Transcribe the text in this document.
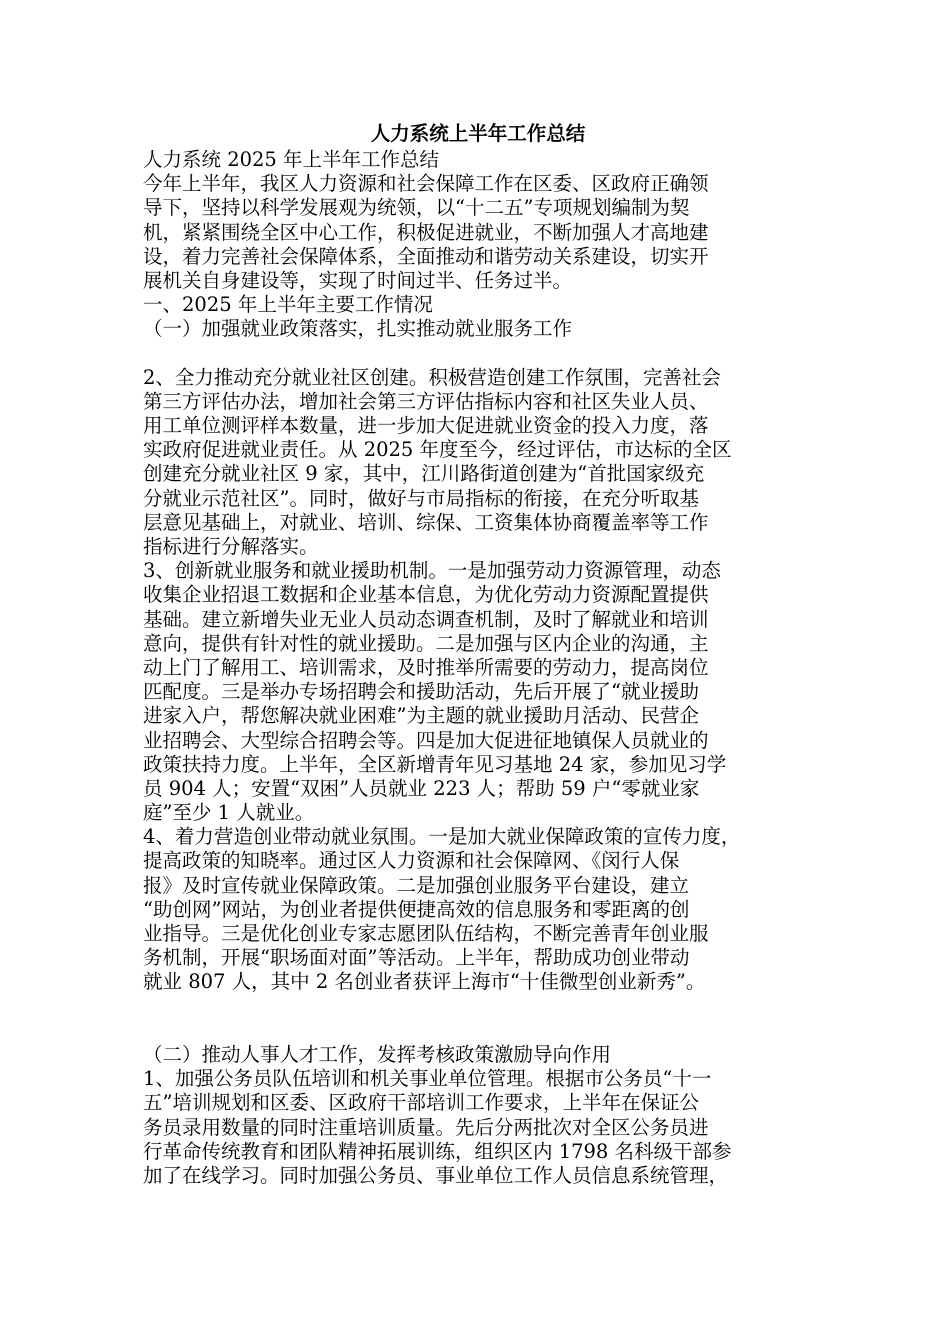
人力系统上半年工作总结
人力系统 2025 年上半年工作总结
今年上半年，我区人力资源和社会保障工作在区委、区政府正确领
导下，坚持以科学发展观为统领，以“十二五”专项规划编制为契
机，紧紧围绕全区中心工作，积极促进就业，不断加强人才高地建
设，着力完善社会保障体系，全面推动和谐劳动关系建设，切实开
展机关自身建设等，实现了时间过半、任务过半。
一、2025 年上半年主要工作情况
（一）加强就业政策落实，扎实推动就业服务工作
2、全力推动充分就业社区创建。积极营造创建工作氛围，完善社会
第三方评估办法，增加社会第三方评估指标内容和社区失业人员、
用工单位测评样本数量，进一步加大促进就业资金的投入力度，落
实政府促进就业责任。从 2025 年度至今，经过评估，市达标的全区
创建充分就业社区 9 家，其中，江川路街道创建为“首批国家级充
分就业示范社区”。同时，做好与市局指标的衔接，在充分听取基
层意见基础上，对就业、培训、综保、工资集体协商覆盖率等工作
指标进行分解落实。
3、创新就业服务和就业援助机制。一是加强劳动力资源管理，动态
收集企业招退工数据和企业基本信息，为优化劳动力资源配置提供
基础。建立新增失业无业人员动态调查机制，及时了解就业和培训
意向，提供有针对性的就业援助。二是加强与区内企业的沟通，主
动上门了解用工、培训需求，及时推举所需要的劳动力，提高岗位
匹配度。三是举办专场招聘会和援助活动，先后开展了“就业援助
进家入户，帮您解决就业困难”为主题的就业援助月活动、民营企
业招聘会、大型综合招聘会等。四是加大促进征地镇保人员就业的
政策扶持力度。上半年，全区新增青年见习基地 24 家，参加见习学
员 904 人；安置“双困”人员就业 223 人；帮助 59 户“零就业家
庭”至少 1 人就业。
4、着力营造创业带动就业氛围。一是加大就业保障政策的宣传力度，
提高政策的知晓率。通过区人力资源和社会保障网、《闵行人保
报》及时宣传就业保障政策。二是加强创业服务平台建设，建立
“助创网”网站，为创业者提供便捷高效的信息服务和零距离的创
业指导。三是优化创业专家志愿团队伍结构，不断完善青年创业服
务机制，开展“职场面对面”等活动。上半年，帮助成功创业带动
就业 807 人，其中 2 名创业者获评上海市“十佳微型创业新秀”。
（二）推动人事人才工作，发挥考核政策激励导向作用
1、加强公务员队伍培训和机关事业单位管理。根据市公务员“十一
五”培训规划和区委、区政府干部培训工作要求，上半年在保证公
务员录用数量的同时注重培训质量。先后分两批次对全区公务员进
行革命传统教育和团队精神拓展训练，组织区内 1798 名科级干部参
加了在线学习。同时加强公务员、事业单位工作人员信息系统管理，
